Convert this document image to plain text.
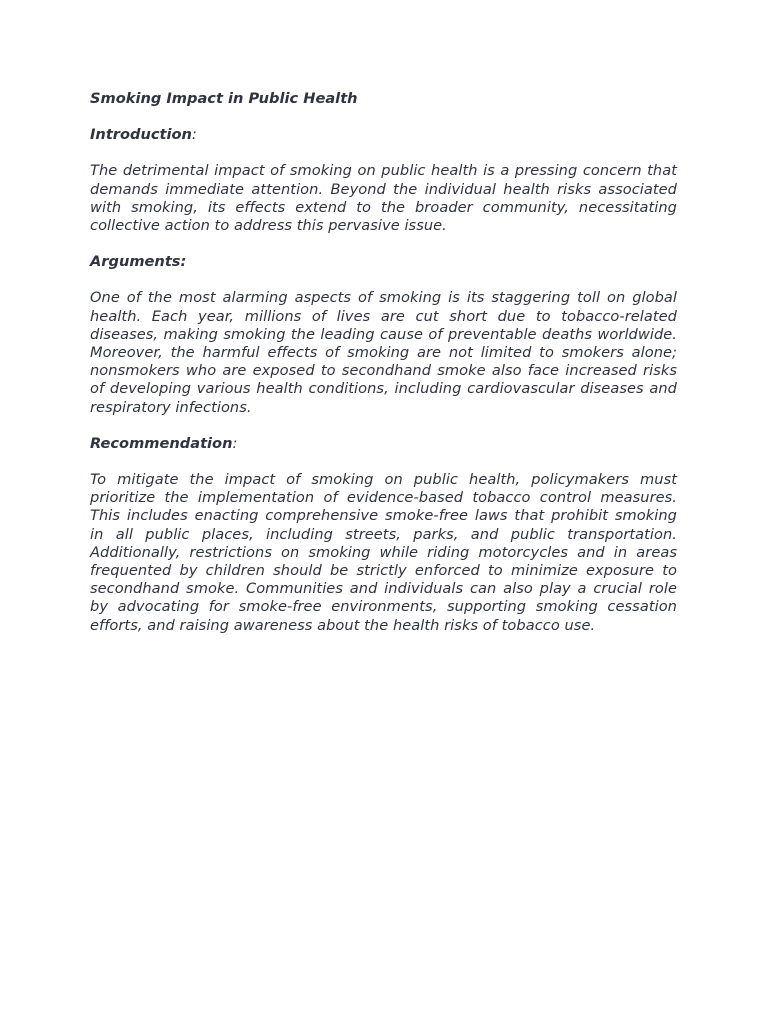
Smoking Impact in Public Health

Introduction:

The detrimental impact of smoking on public health is a pressing concern that demands immediate attention. Beyond the individual health risks associated with smoking, its effects extend to the broader community, necessitating collective action to address this pervasive issue.

Arguments:

One of the most alarming aspects of smoking is its staggering toll on global health. Each year, millions of lives are cut short due to tobacco-related diseases, making smoking the leading cause of preventable deaths worldwide. Moreover, the harmful effects of smoking are not limited to smokers alone; nonsmokers who are exposed to secondhand smoke also face increased risks of developing various health conditions, including cardiovascular diseases and respiratory infections.

Recommendation:

To mitigate the impact of smoking on public health, policymakers must prioritize the implementation of evidence-based tobacco control measures. This includes enacting comprehensive smoke-free laws that prohibit smoking in all public places, including streets, parks, and public transportation. Additionally, restrictions on smoking while riding motorcycles and in areas frequented by children should be strictly enforced to minimize exposure to secondhand smoke. Communities and individuals can also play a crucial role by advocating for smoke-free environments, supporting smoking cessation efforts, and raising awareness about the health risks of tobacco use.
